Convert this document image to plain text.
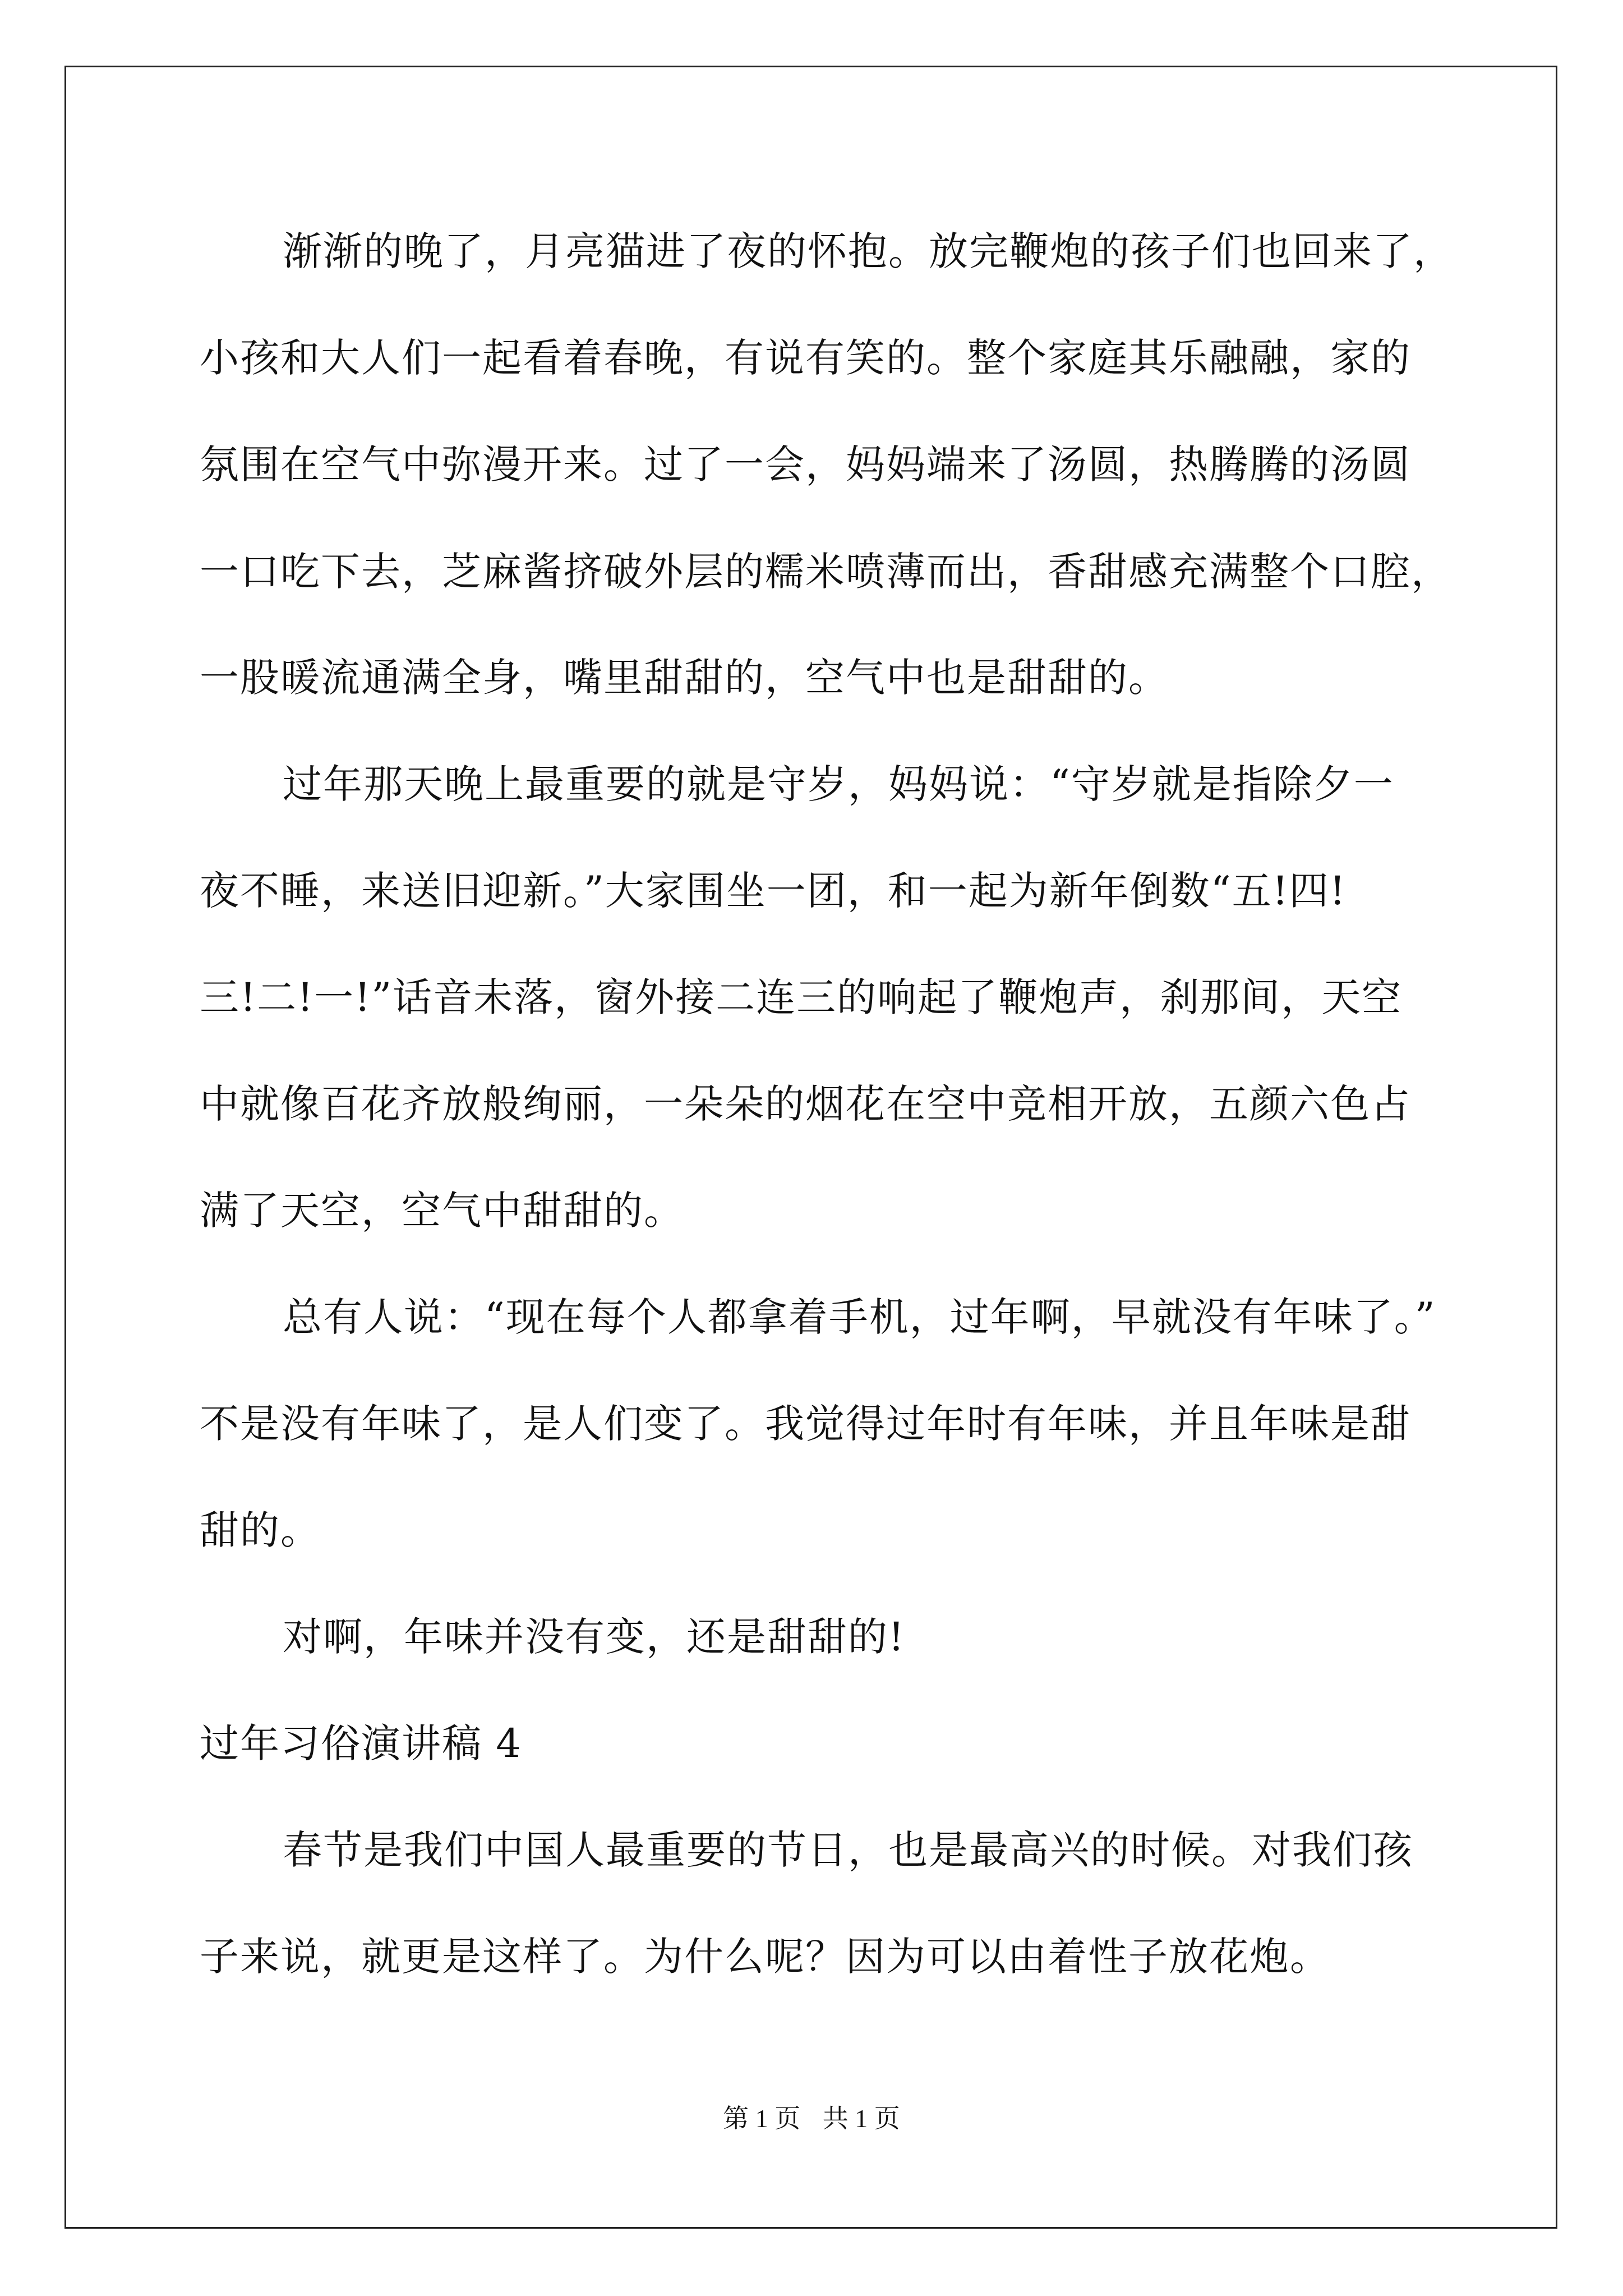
渐渐的晚了，月亮猫进了夜的怀抱。放完鞭炮的孩子们也回来了，
小孩和大人们一起看着春晚，有说有笑的。整个家庭其乐融融，家的
氛围在空气中弥漫开来。过了一会，妈妈端来了汤圆，热腾腾的汤圆
一口吃下去，芝麻酱挤破外层的糯米喷薄而出，香甜感充满整个口腔，
一股暖流通满全身，嘴里甜甜的，空气中也是甜甜的。
过年那天晚上最重要的就是守岁，妈妈说：“守岁就是指除夕一
夜不睡，来送旧迎新。”大家围坐一团，和一起为新年倒数“五!四!
三!二!一!”话音未落，窗外接二连三的响起了鞭炮声，刹那间，天空
中就像百花齐放般绚丽，一朵朵的烟花在空中竞相开放，五颜六色占
满了天空，空气中甜甜的。
总有人说：“现在每个人都拿着手机，过年啊，早就没有年味了。”
不是没有年味了，是人们变了。我觉得过年时有年味，并且年味是甜
甜的。
对啊，年味并没有变，还是甜甜的!
过年习俗演讲稿 4
春节是我们中国人最重要的节日，也是最高兴的时候。对我们孩
子来说，就更是这样了。为什么呢？因为可以由着性子放花炮。
第 1 页 共 1 页
